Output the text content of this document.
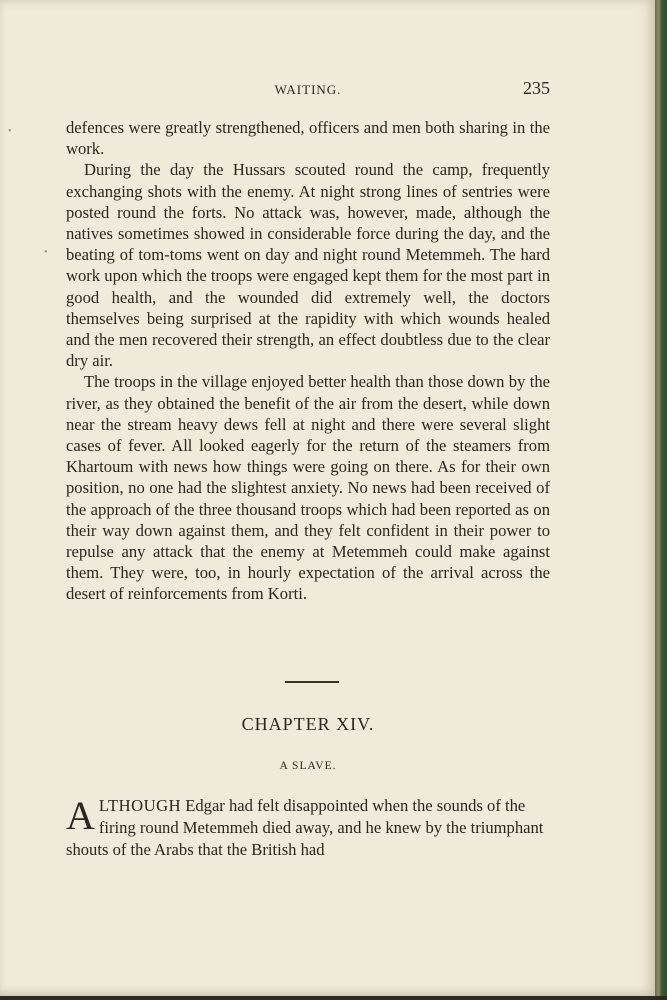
WAITING.	235

defences were greatly strengthened, officers and men both sharing in the work.

During the day the Hussars scouted round the camp, frequently exchanging shots with the enemy. At night strong lines of sentries were posted round the forts. No attack was, however, made, although the natives sometimes showed in considerable force during the day, and the beating of tom-toms went on day and night round Metemmeh. The hard work upon which the troops were engaged kept them for the most part in good health, and the wounded did extremely well, the doctors themselves being surprised at the rapidity with which wounds healed and the men recovered their strength, an effect doubtless due to the clear dry air.

The troops in the village enjoyed better health than those down by the river, as they obtained the benefit of the air from the desert, while down near the stream heavy dews fell at night and there were several slight cases of fever. All looked eagerly for the return of the steamers from Khartoum with news how things were going on there. As for their own position, no one had the slightest anxiety. No news had been received of the approach of the three thousand troops which had been reported as on their way down against them, and they felt confident in their power to repulse any attack that the enemy at Metemmeh could make against them. They were, too, in hourly expectation of the arrival across the desert of reinforcements from Korti.

CHAPTER XIV.
A SLAVE.
ALTHOUGH Edgar had felt disappointed when the sounds of the firing round Metemmeh died away, and he knew by the triumphant shouts of the Arabs that the British had
•
•
